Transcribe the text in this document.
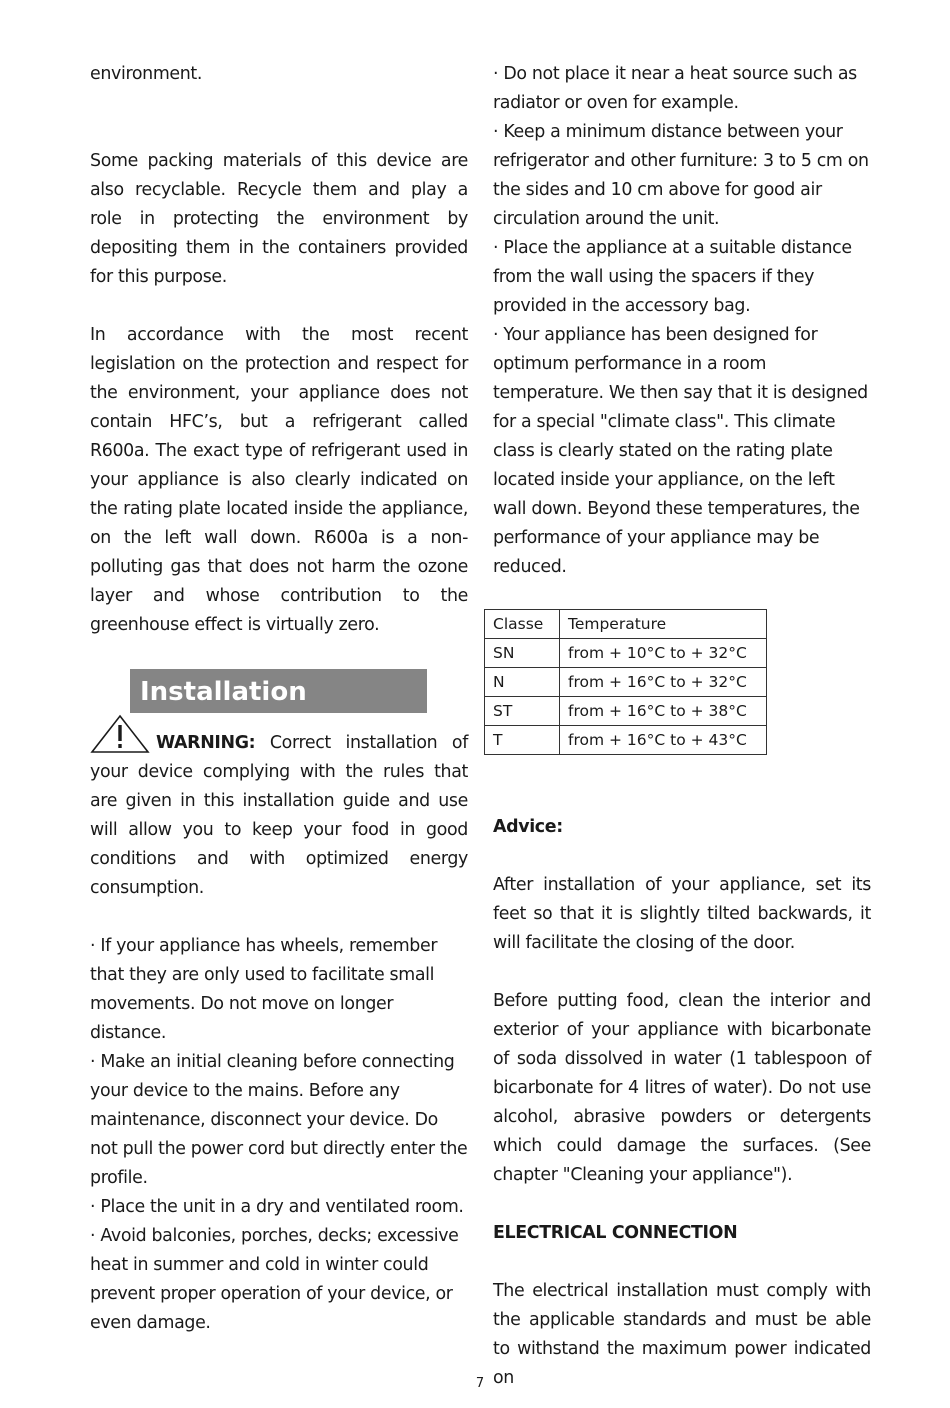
environment.

Some packing materials of this device are also recyclable. Recycle them and play a role in protecting the environment by depositing them in the containers provided for this purpose.

In accordance with the most recent legislation on the protection and respect for the environment, your appliance does not contain HFC’s, but a refrigerant called R600a. The exact type of refrigerant used in your appliance is also clearly indicated on the rating plate located inside the appliance, on the left wall down. R600a is a non-polluting gas that does not harm the ozone layer and whose contribution to the greenhouse effect is virtually zero.

Installation

WARNING: Correct installation of your device complying with the rules that are given in this installation guide and use will allow you to keep your food in good conditions and with optimized energy consumption.

· If your appliance has wheels, remember that they are only used to facilitate small movements. Do not move on longer distance.

· Make an initial cleaning before connecting your device to the mains. Before any maintenance, disconnect your device. Do not pull the power cord but directly enter the profile.

· Place the unit in a dry and ventilated room.

· Avoid balconies, porches, decks; excessive heat in summer and cold in winter could prevent proper operation of your device, or even damage.

· Do not place it near a heat source such as radiator or oven for example.

· Keep a minimum distance between your refrigerator and other furniture: 3 to 5 cm on the sides and 10 cm above for good air circulation around the unit.

· Place the appliance at a suitable distance from the wall using the spacers if they provided in the accessory bag.

· Your appliance has been designed for optimum performance in a room temperature. We then say that it is designed for a special "climate class". This climate class is clearly stated on the rating plate located inside your appliance, on the left wall down. Beyond these temperatures, the performance of your appliance may be reduced.

Classe	Temperature
SN	from + 10°C to + 32°C
N	from + 16°C to + 32°C
ST	from + 16°C to + 38°C
T	from + 16°C to + 43°C

Advice:

After installation of your appliance, set its feet so that it is slightly tilted backwards, it will facilitate the closing of the door.

Before putting food, clean the interior and exterior of your appliance with bicarbonate of soda dissolved in water (1 tablespoon of bicarbonate for 4 litres of water). Do not use alcohol, abrasive powders or detergents which could damage the surfaces. (See chapter "Cleaning your appliance").

ELECTRICAL CONNECTION

The electrical installation must comply with the applicable standards and must be able to withstand the maximum power indicated on

7
